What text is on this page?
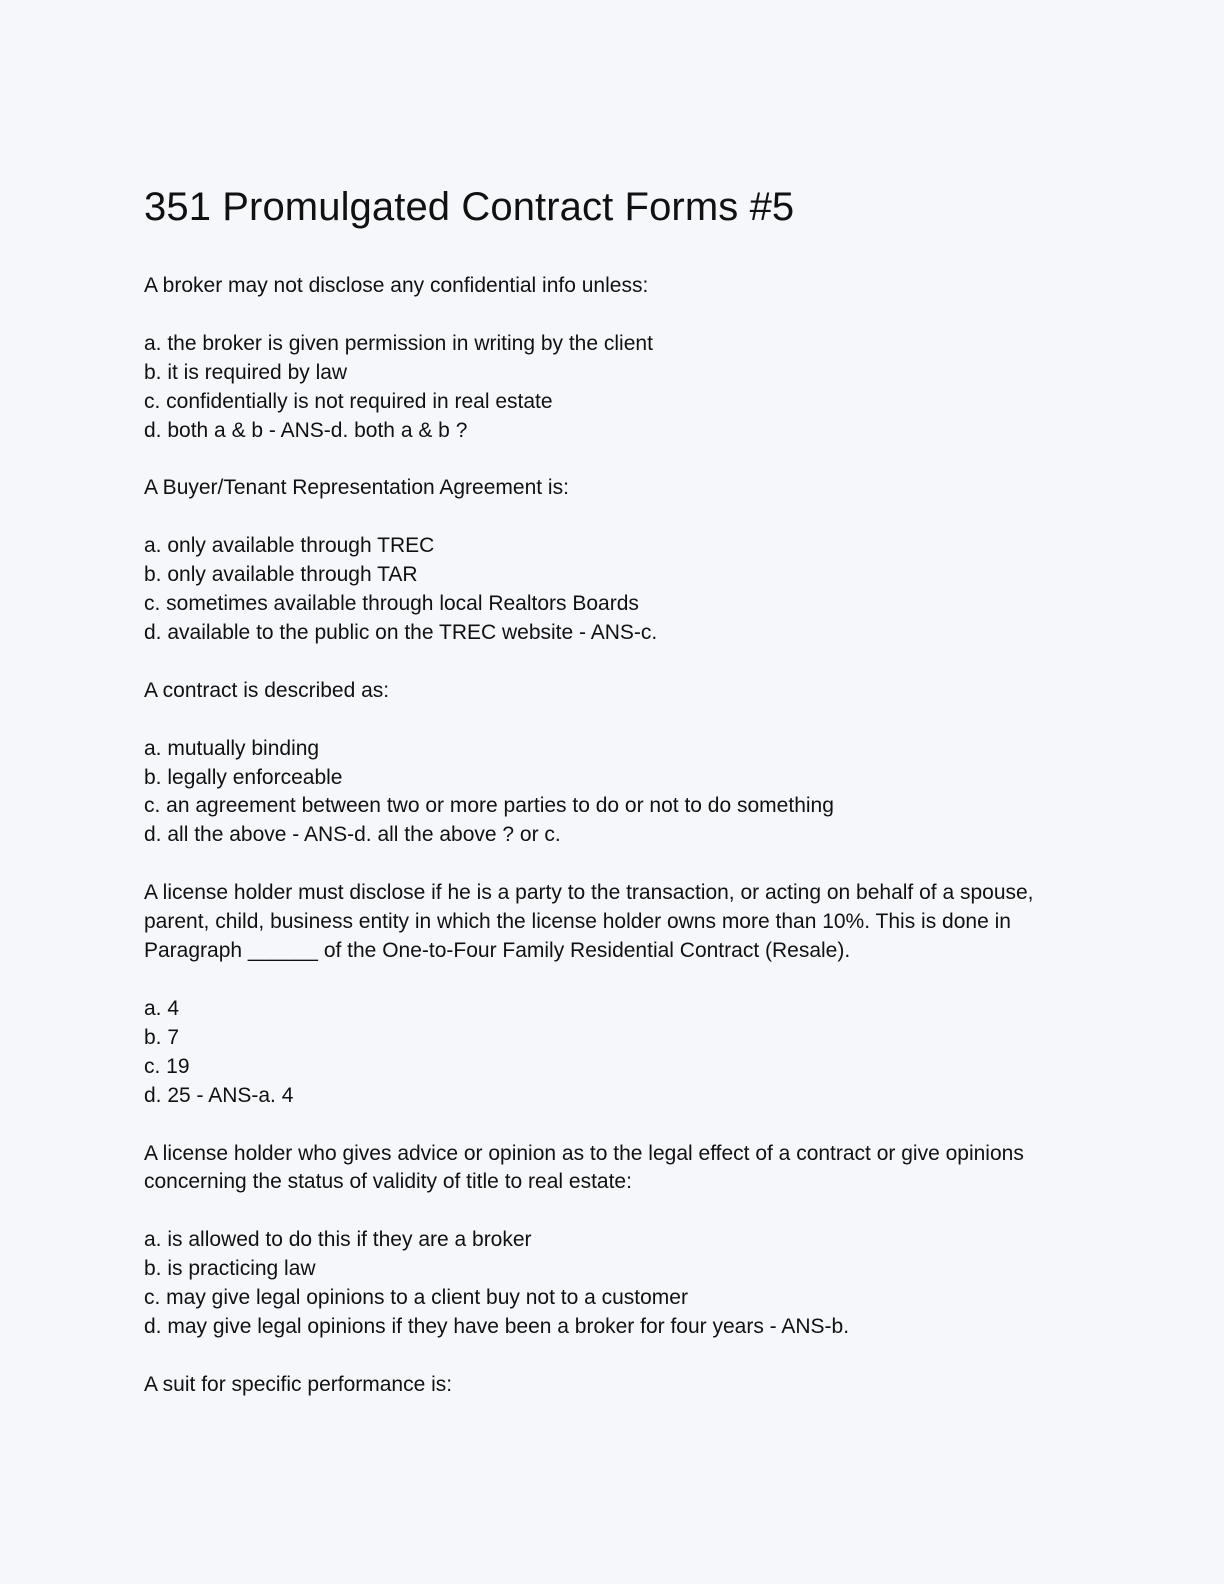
351 Promulgated Contract Forms #5

A broker may not disclose any confidential info unless:

a. the broker is given permission in writing by the client

b. it is required by law

c. confidentially is not required in real estate

d. both a & b - ANS-d. both a & b ?

A Buyer/Tenant Representation Agreement is:

a. only available through TREC

b. only available through TAR

c. sometimes available through local Realtors Boards

d. available to the public on the TREC website - ANS-c.

A contract is described as:

a. mutually binding

b. legally enforceable

c. an agreement between two or more parties to do or not to do something

d. all the above - ANS-d. all the above ? or c.

A license holder must disclose if he is a party to the transaction, or acting on behalf of a spouse,

parent, child, business entity in which the license holder owns more than 10%. This is done in

Paragraph ______ of the One-to-Four Family Residential Contract (Resale).

a. 4

b. 7

c. 19

d. 25 - ANS-a. 4

A license holder who gives advice or opinion as to the legal effect of a contract or give opinions

concerning the status of validity of title to real estate:

a. is allowed to do this if they are a broker

b. is practicing law

c. may give legal opinions to a client buy not to a customer

d. may give legal opinions if they have been a broker for four years - ANS-b.

A suit for specific performance is:
